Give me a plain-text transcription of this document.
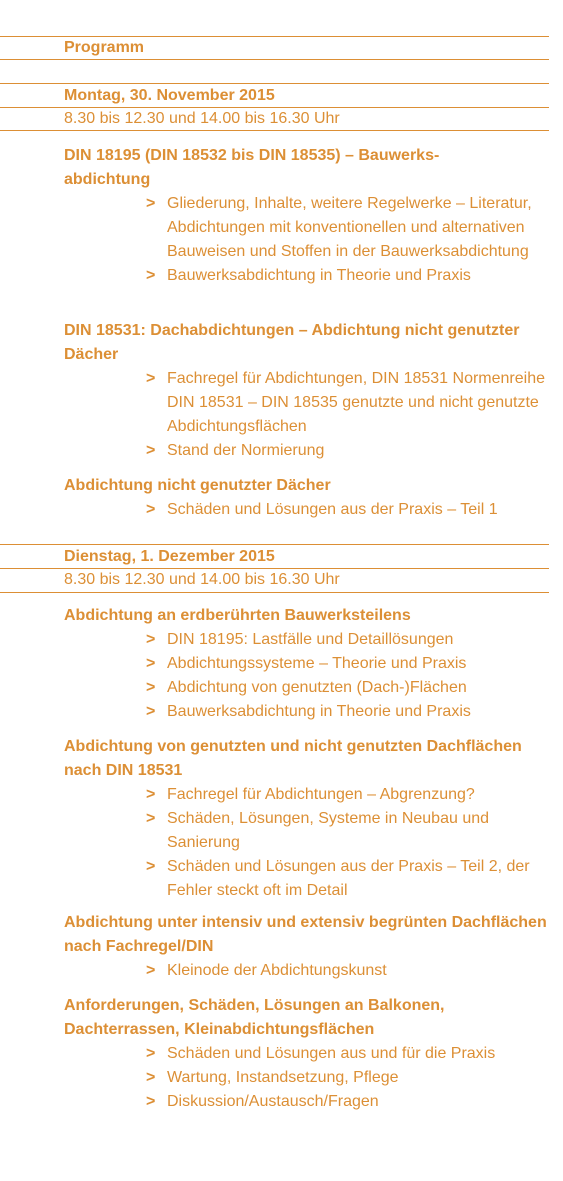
Programm
Montag, 30. November 2015
8.30 bis 12.30 und 14.00 bis 16.30 Uhr
DIN 18195 (DIN 18532 bis DIN 18535) – Bauwerks-
abdichtung
> Gliederung, Inhalte, weitere Regelwerke – Literatur, Abdichtungen mit konventionellen und alternativen Bauweisen und Stoffen in der Bauwerksabdichtung
> Bauwerksabdichtung in Theorie und Praxis
DIN 18531: Dachabdichtungen – Abdichtung nicht genutzter Dächer
> Fachregel für Abdichtungen, DIN 18531 Normenreihe DIN 18531 – DIN 18535 genutzte und nicht genutzte Abdichtungsflächen
> Stand der Normierung
Abdichtung nicht genutzter Dächer
> Schäden und Lösungen aus der Praxis – Teil 1
Dienstag, 1. Dezember 2015
8.30 bis 12.30 und 14.00 bis 16.30 Uhr
Abdichtung an erdberührten Bauwerksteilens
> DIN 18195: Lastfälle und Detaillösungen
> Abdichtungssysteme – Theorie und Praxis
> Abdichtung von genutzten (Dach-)Flächen
> Bauwerksabdichtung in Theorie und Praxis
Abdichtung von genutzten und nicht genutzten Dachflächen nach DIN 18531
> Fachregel für Abdichtungen – Abgrenzung?
> Schäden, Lösungen, Systeme in Neubau und Sanierung
> Schäden und Lösungen aus der Praxis – Teil 2, der Fehler steckt oft im Detail
Abdichtung unter intensiv und extensiv begrünten Dachflächen nach Fachregel/DIN
> Kleinode der Abdichtungskunst
Anforderungen, Schäden, Lösungen an Balkonen, Dachterrassen, Kleinabdichtungsflächen
> Schäden und Lösungen aus und für die Praxis
> Wartung, Instandsetzung, Pflege
> Diskussion/Austausch/Fragen
